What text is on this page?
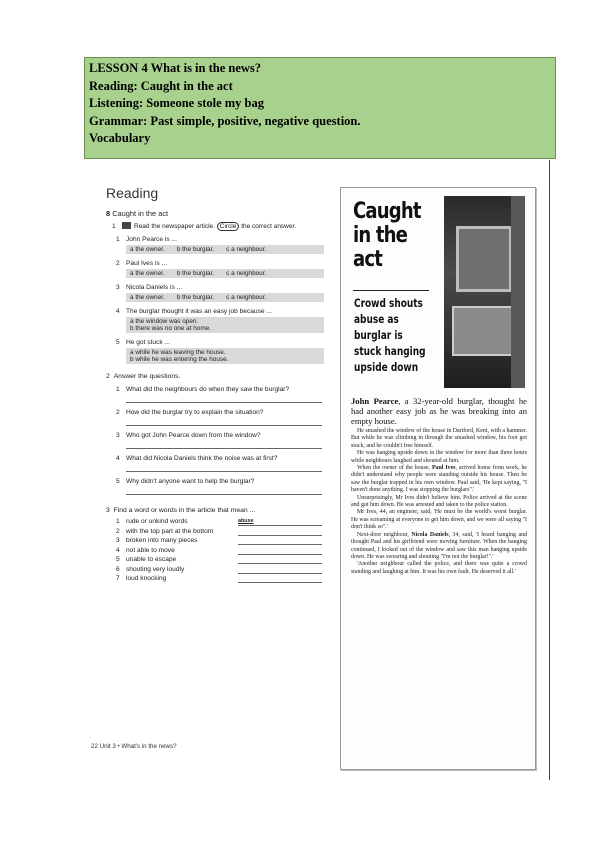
LESSON 4 What is in the news?
Reading: Caught in the act
Listening: Someone stole my bag
Grammar: Past simple, positive, negative question.
Vocabulary
Reading
8 Caught in the act
1	Read the newspaper article. Circle the correct answer.
1 John Pearce is ...
a the owner. b the burglar. c a neighbour.
2 Paul Ives is ...
a the owner. b the burglar. c a neighbour.
3 Nicola Daniels is ...
a the owner. b the burglar. c a neighbour.
4 The burglar thought it was an easy job because ...
a the window was open.
b there was no one at home.
5 He got stuck ...
a while he was leaving the house.
b while he was entering the house.
2 Answer the questions.
1 What did the neighbours do when they saw the burglar?
2 How did the burglar try to explain the situation?
3 Who got John Pearce down from the window?
4 What did Nicola Daniels think the noise was at first?
5 Why didn't anyone want to help the burglar?
3 Find a word or words in the article that mean ...
1 rude or unkind words	abuse
2 with the top part at the bottom
3 broken into many pieces
4 not able to move
5 unable to escape
6 shouting very loudly
7 loud knocking
22 Unit 3 • What's in the news?
Caught
in the
act
Crowd shouts
abuse as
burglar is
stuck hanging
upside down
John Pearce, a 32-year-old burglar, thought he had another easy job as he was breaking into an empty house.

He smashed the window of the house in Dartford, Kent, with a hammer. But while he was climbing in through the smashed window, his foot got stuck, and he couldn't free himself.

He was hanging upside down in the window for more than three hours while neighbours laughed and shouted at him.

When the owner of the house, Paul Ives, arrived home from work, he didn't understand why people were standing outside his house. Then he saw the burglar trapped in his own window. Paul said, 'He kept saying, "I haven't done anything. I was stopping the burglars".'

Unsurprisingly, Mr Ives didn't believe him. Police arrived at the scene and got him down. He was arrested and taken to the police station.

Mr Ives, 44, an engineer, said, 'He must be the world's worst burglar. He was screaming at everyone to get him down, and we were all saying "I don't think so".'

Next-door neighbour, Nicola Daniels, 34, said, 'I heard banging and thought Paul and his girlfriend were moving furniture. When the banging continued, I looked out of the window and saw this man hanging upside down. He was swearing and shouting "I'm not the burglar!".'

'Another neighbour called the police, and there was quite a crowd standing and laughing at him. It was his own fault. He deserved it all.'
